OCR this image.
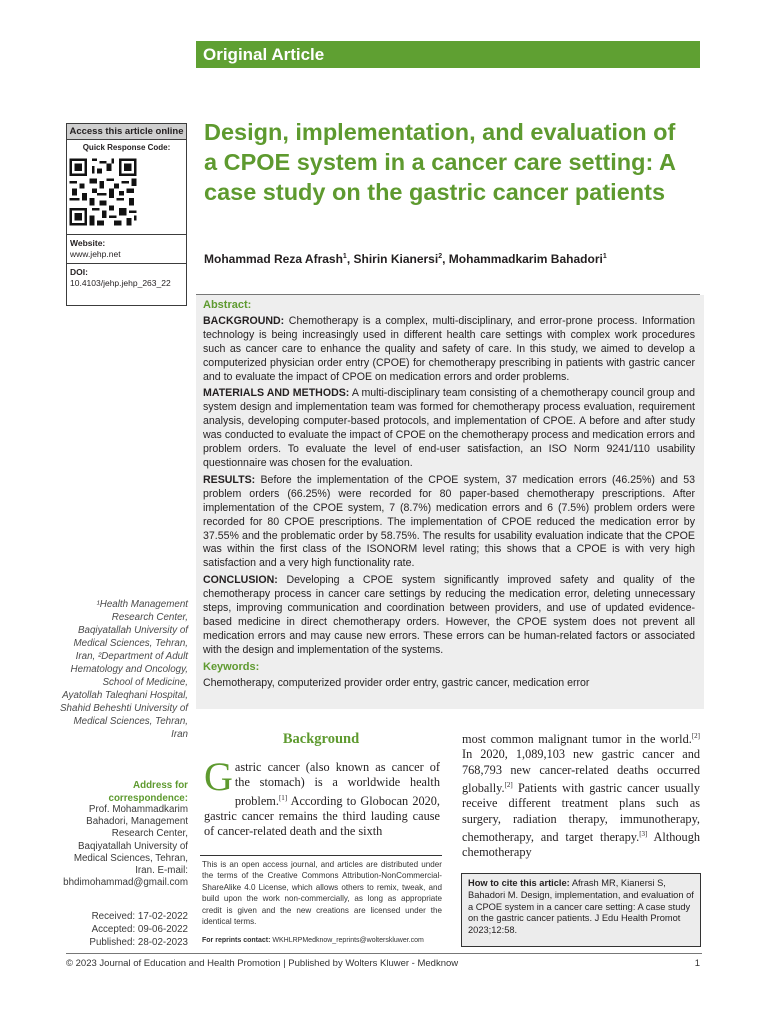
Original Article
Design, implementation, and evaluation of a CPOE system in a cancer care setting: A case study on the gastric cancer patients
Mohammad Reza Afrash$^1$, Shirin Kianersi$^2$, Mohammadkarim Bahadori$^1$
Access this article online
Quick Response Code:
Website:
www.jehp.net
DOI:
10.4103/jehp.jehp_263_22
Abstract:

BACKGROUND: Chemotherapy is a complex, multi-disciplinary, and error-prone process. Information technology is being increasingly used in different health care settings with complex work procedures such as cancer care to enhance the quality and safety of care. In this study, we aimed to develop a computerized physician order entry (CPOE) for chemotherapy prescribing in patients with gastric cancer and to evaluate the impact of CPOE on medication errors and order problems.

MATERIALS AND METHODS: A multi-disciplinary team consisting of a chemotherapy council group and system design and implementation team was formed for chemotherapy process evaluation, requirement analysis, developing computer-based protocols, and implementation of CPOE. A before and after study was conducted to evaluate the impact of CPOE on the chemotherapy process and medication errors and problem orders. To evaluate the level of end-user satisfaction, an ISO Norm 9241/110 usability questionnaire was chosen for the evaluation.

RESULTS: Before the implementation of the CPOE system, 37 medication errors (46.25%) and 53 problem orders (66.25%) were recorded for 80 paper-based chemotherapy prescriptions. After implementation of the CPOE system, 7 (8.7%) medication errors and 6 (7.5%) problem orders were recorded for 80 CPOE prescriptions. The implementation of CPOE reduced the medication error by 37.55% and the problematic order by 58.75%. The results for usability evaluation indicate that the CPOE was within the first class of the ISONORM level rating; this shows that a CPOE is with very high satisfaction and a very high functionality rate.

CONCLUSION: Developing a CPOE system significantly improved safety and quality of the chemotherapy process in cancer care settings by reducing the medication error, deleting unnecessary steps, improving communication and coordination between providers, and use of updated evidence-based medicine in direct chemotherapy orders. However, the CPOE system does not prevent all medication errors and may cause new errors. These errors can be human-related factors or associated with the design and implementation of the systems.

Keywords:

Chemotherapy, computerized provider order entry, gastric cancer, medication error

¹Health Management Research Center, Baqiyatallah University of Medical Sciences, Tehran, Iran, ²Department of Adult Hematology and Oncology, School of Medicine, Ayatollah Taleqhani Hospital, Shahid Beheshti University of Medical Sciences, Tehran, Iran
Address for correspondence:
Prof. Mohammadkarim Bahadori, Management Research Center, Baqiyatallah University of Medical Sciences, Tehran, Iran. E-mail: bhdimohammad@gmail.com
Received: 17-02-2022
Accepted: 09-06-2022
Published: 28-02-2023
Background
Gastric cancer (also known as cancer of the stomach) is a worldwide health problem.[1] According to Globocan 2020, gastric cancer remains the third lauding cause of cancer-related death and the sixth
most common malignant tumor in the world.[2] In 2020, 1,089,103 new gastric cancer and 768,793 new cancer-related deaths occurred globally.[2] Patients with gastric cancer usually receive different treatment plans such as surgery, radiation therapy, immunotherapy, chemotherapy, and target therapy.[3] Although chemotherapy
This is an open access journal, and articles are distributed under the terms of the Creative Commons Attribution-NonCommercial-ShareAlike 4.0 License, which allows others to remix, tweak, and build upon the work non-commercially, as long as appropriate credit is given and the new creations are licensed under the identical terms.
For reprints contact: WKHLRPMedknow_reprints@wolterskluwer.com
How to cite this article: Afrash MR, Kianersi S, Bahadori M. Design, implementation, and evaluation of a CPOE system in a cancer care setting: A case study on the gastric cancer patients. J Edu Health Promot 2023;12:58.
© 2023 Journal of Education and Health Promotion | Published by Wolters Kluwer - Medknow	1
